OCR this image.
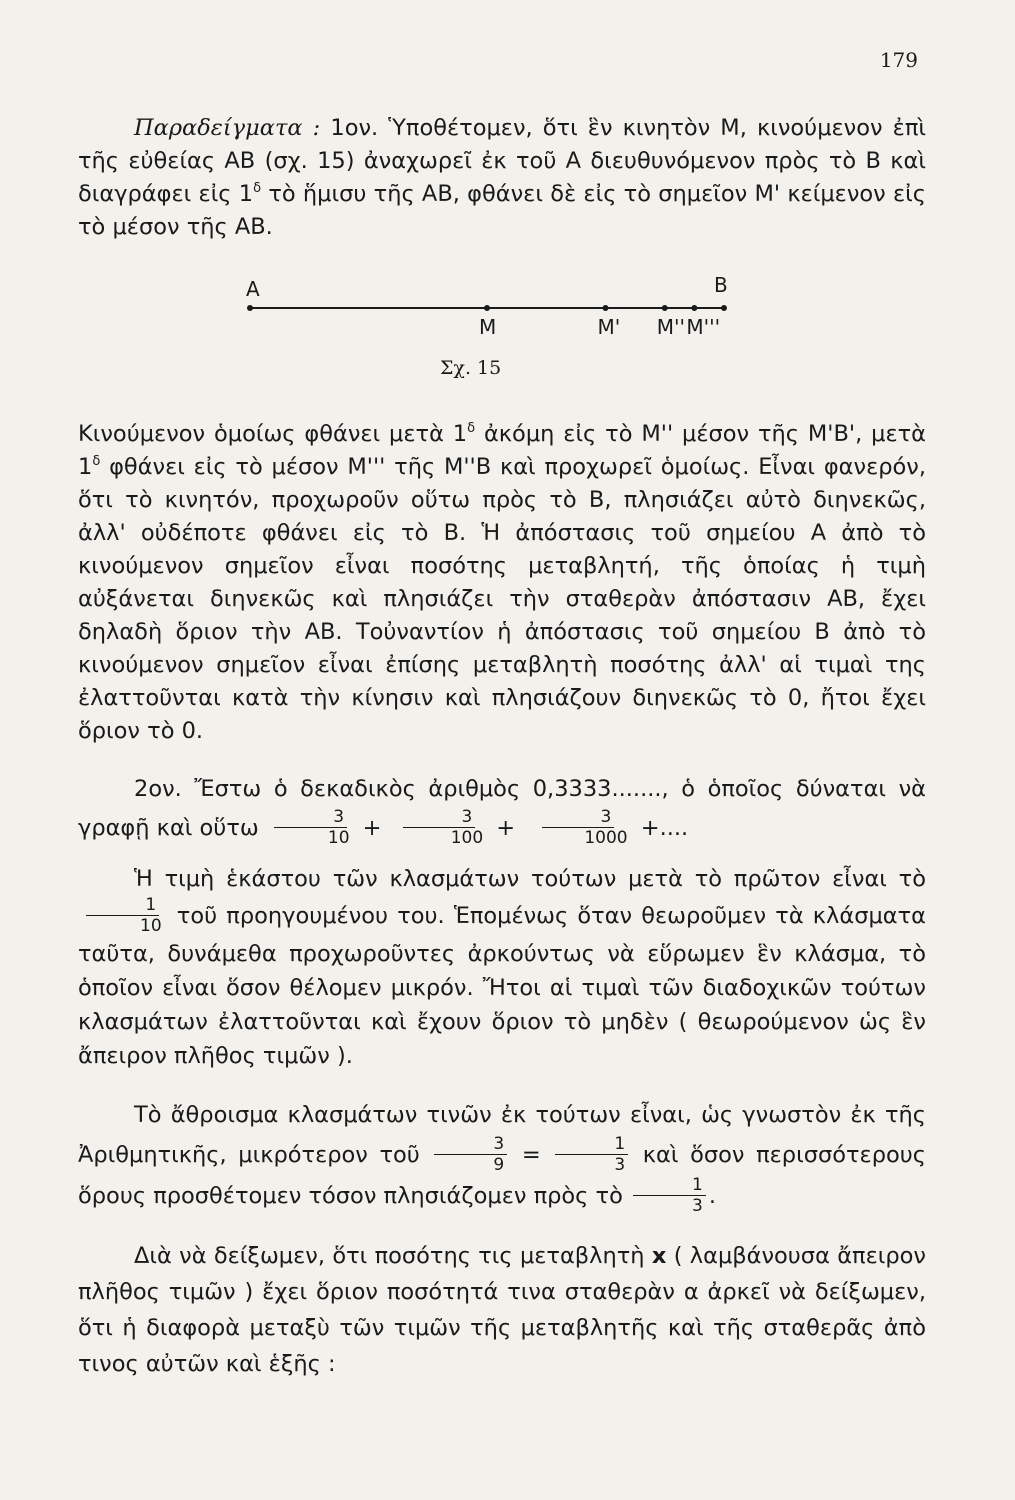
179

Παραδείγματα : 1ον. Ὑποθέτομεν, ὅτι ἓν κινητὸν Μ, κινούμενον ἐπὶ τῆς εὐθείας ΑΒ (σχ. 15) ἀναχωρεῖ ἐκ τοῦ Α διευθυνόμενον πρὸς τὸ Β καὶ διαγράφει εἰς $1^\delta$ τὸ ἥμισυ τῆς ΑΒ, φθάνει δὲ εἰς τὸ σημεῖον Μ' κείμενον εἰς τὸ μέσον τῆς ΑΒ.

Α	Β
Μ	Μ' Μ'' Μ'''
Σχ. 15

Κινούμενον ὁμοίως φθάνει μετὰ $1^\delta$ ἀκόμη εἰς τὸ Μ'' μέσον τῆς Μ'Β', μετὰ $1^\delta$ φθάνει εἰς τὸ μέσον Μ''' τῆς Μ''Β καὶ προχωρεῖ ὁμοίως. Εἶναι φανερόν, ὅτι τὸ κινητόν, προχωροῦν οὕτω πρὸς τὸ Β, πλησιάζει αὐτὸ διηνεκῶς, ἀλλ' οὐδέποτε φθάνει εἰς τὸ Β. Ἡ ἀπόστασις τοῦ σημείου Α ἀπὸ τὸ κινούμενον σημεῖον εἶναι ποσότης μεταβλητή, τῆς ὁποίας ἡ τιμὴ αὐξάνεται διηνεκῶς καὶ πλησιάζει τὴν σταθερὰν ἀπόστασιν ΑΒ, ἔχει δηλαδὴ ὅριον τὴν ΑΒ. Τοὐναντίον ἡ ἀπόστασις τοῦ σημείου Β ἀπὸ τὸ κινούμενον σημεῖον εἶναι ἐπίσης μεταβλητὴ ποσότης ἀλλ' αἱ τιμαὶ της ἐλαττοῦνται κατὰ τὴν κίνησιν καὶ πλησιάζουν διηνεκῶς τὸ 0, ἤτοι ἔχει ὅριον τὸ 0.

2ον. Ἔστω ὁ δεκαδικὸς ἀριθμὸς 0,3333......., ὁ ὁποῖος δύναται νὰ γραφῇ καὶ οὕτω $\frac{3}{10} + \frac{3}{100} + \frac{3}{1000}$ +....

Ἡ τιμὴ ἑκάστου τῶν κλασμάτων τούτων μετὰ τὸ πρῶτον εἶναι τὸ
$\frac{1}{10}$ τοῦ προηγουμένου του. Ἑπομένως ὅταν θεωροῦμεν τὰ κλάσματα ταῦτα, δυνάμεθα προχωροῦντες ἀρκούντως νὰ εὕρωμεν ἓν κλάσμα, τὸ ὁποῖον εἶναι ὅσον θέλομεν μικρόν. Ἤτοι αἱ τιμαὶ τῶν διαδοχικῶν τούτων κλασμάτων ἐλαττοῦνται καὶ ἔχουν ὅριον τὸ μηδὲν ( θεωρούμενον ὡς ἓν ἄπειρον πλῆθος τιμῶν ).

Τὸ ἄθροισμα κλασμάτων τινῶν ἐκ τούτων εἶναι, ὡς γνωστὸν ἐκ τῆς Ἀριθμητικῆς, μικρότερον τοῦ $\frac{3}{9} = \frac{1}{3}$ καὶ ὅσον περισσότερους ὅρους προσθέτομεν τόσον πλησιάζομεν πρὸς τὸ $\frac{1}{3}$ .

Διὰ νὰ δείξωμεν, ὅτι ποσότης τις μεταβλητὴ x ( λαμβάνουσα ἄπειρον πλῆθος τιμῶν ) ἔχει ὅριον ποσότητά τινα σταθερὰν α ἀρκεῖ νὰ δείξωμεν, ὅτι ἡ διαφορὰ μεταξὺ τῶν τιμῶν τῆς μεταβλητῆς καὶ τῆς σταθερᾶς ἀπὸ τινος αὐτῶν καὶ ἑξῆς :
